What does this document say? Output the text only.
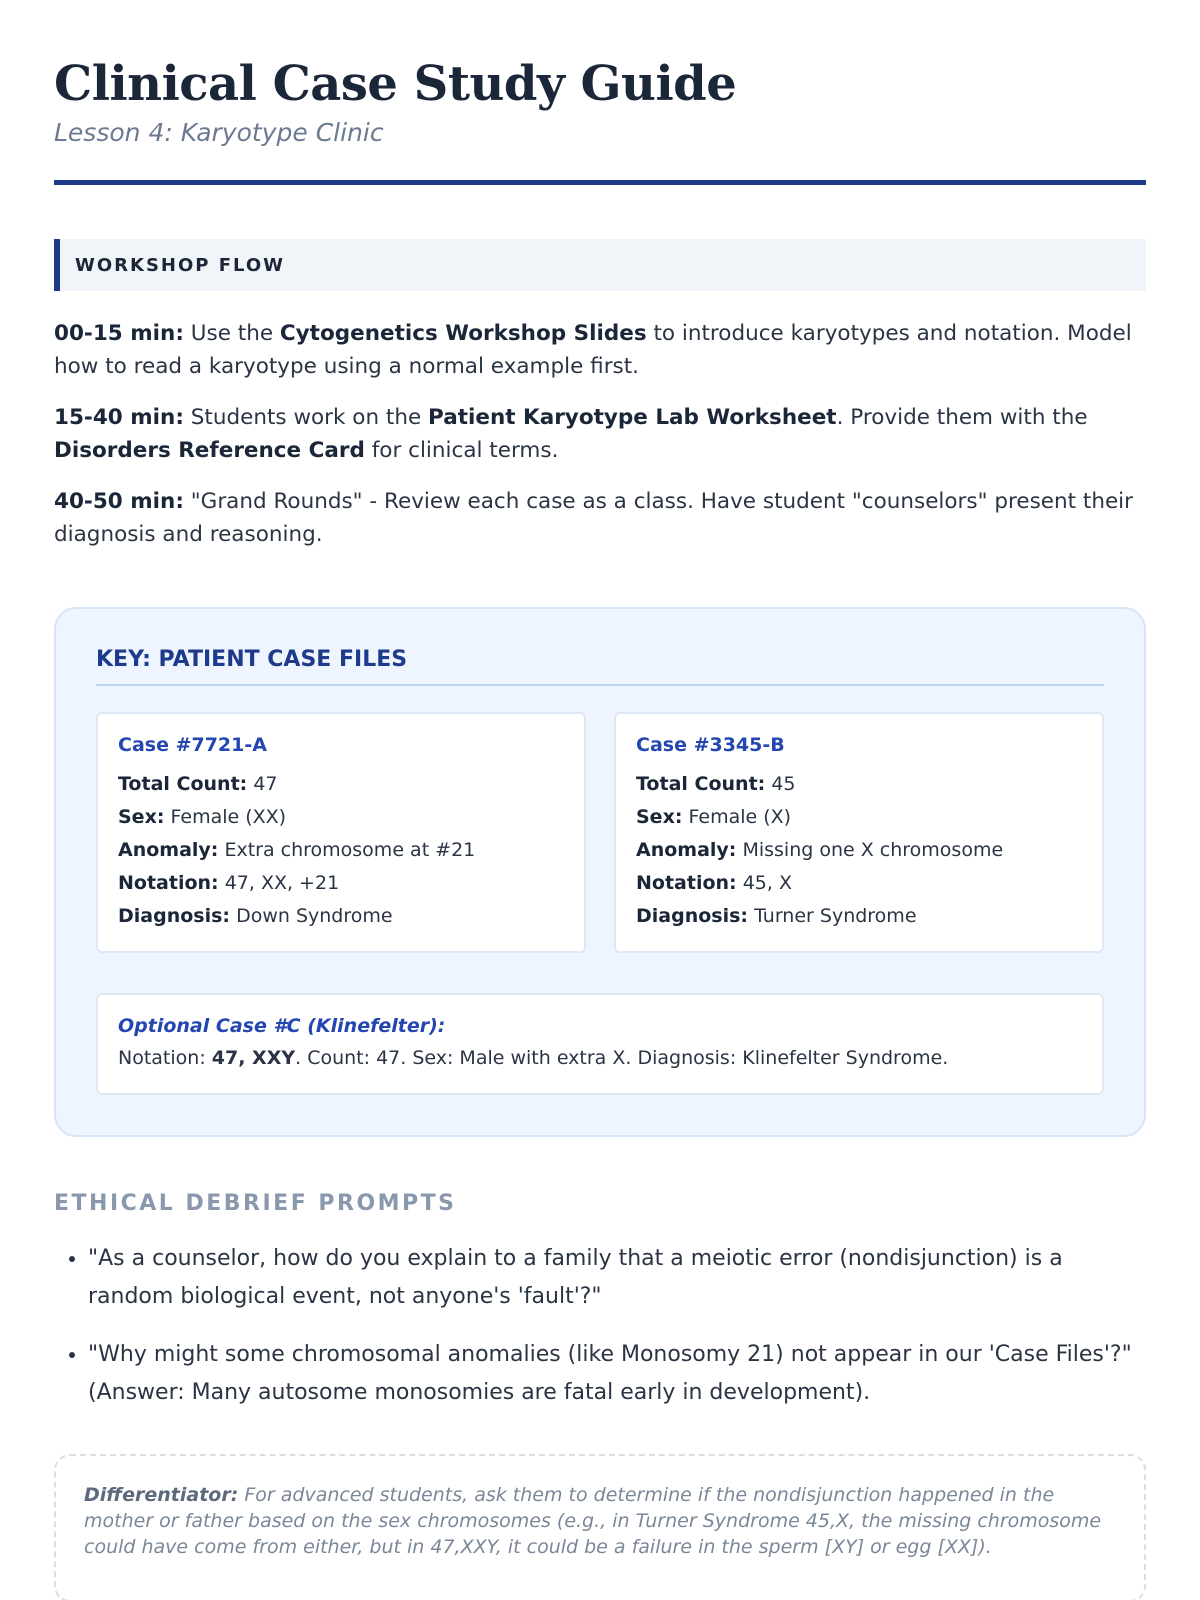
Clinical Case Study Guide
Lesson 4: Karyotype Clinic
WORKSHOP FLOW

00-15 min: Use the Cytogenetics Workshop Slides to introduce karyotypes and notation. Model how to read a karyotype using a normal example first.

15-40 min: Students work on the Patient Karyotype Lab Worksheet. Provide them with the Disorders Reference Card for clinical terms.

40-50 min: "Grand Rounds" - Review each case as a class. Have student "counselors" present their diagnosis and reasoning.

KEY: PATIENT CASE FILES
Case #7721-A
Total Count: 47
Sex: Female (XX)
Anomaly: Extra chromosome at #21
Notation: 47, XX, +21
Diagnosis: Down Syndrome
Case #3345-B
Total Count: 45
Sex: Female (X)
Anomaly: Missing one X chromosome
Notation: 45, X
Diagnosis: Turner Syndrome
Optional Case #C (Klinefelter):
Notation: 47, XXY. Count: 47. Sex: Male with extra X. Diagnosis: Klinefelter Syndrome.
ETHICAL DEBRIEF PROMPTS
• "As a counselor, how do you explain to a family that a meiotic error (nondisjunction) is a random biological event, not anyone's 'fault'?"
• "Why might some chromosomal anomalies (like Monosomy 21) not appear in our 'Case Files'?" (Answer: Many autosome monosomies are fatal early in development).

Differentiator: For advanced students, ask them to determine if the nondisjunction happened in the mother or father based on the sex chromosomes (e.g., in Turner Syndrome 45,X, the missing chromosome could have come from either, but in 47,XXY, it could be a failure in the sperm [XY] or egg [XX]).
